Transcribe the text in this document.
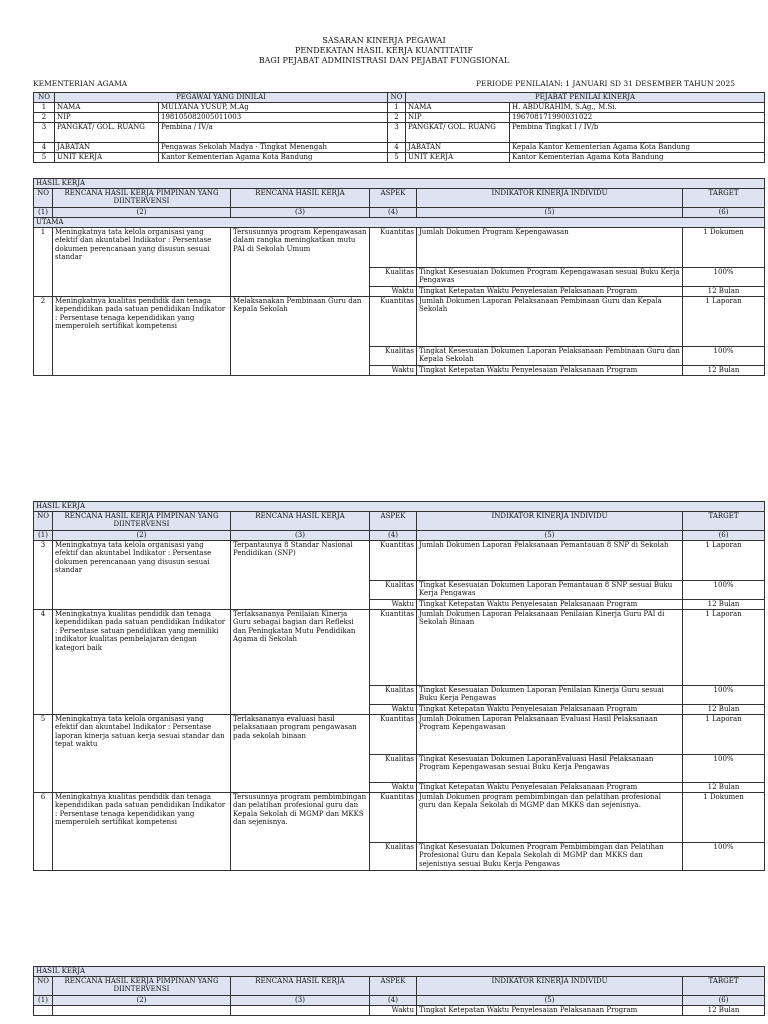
SASARAN KINERJA PEGAWAI
PENDEKATAN HASIL KERJA KUANTITATIF
BAGI PEJABAT ADMINISTRASI DAN PEJABAT FUNGSIONAL
KEMENTERIAN AGAMA	PERIODE PENILAIAN: 1 JANUARI SD 31 DESEMBER TAHUN 2025
NO	PEGAWAI YANG DINILAI		NO	PEJABAT PENILAI KINERJA	
1	NAMA	MULYANA YUSUP, M.Ag	1	NAMA	H. ABDURAHIM, S.Ag., M.Si.
2	NIP	198105082005011003	2	NIP	196708171990031022
3	PANGKAT/ GOL. RUANG	Pembina / IV/a	3	PANGKAT/ GOL. RUANG	Pembina Tingkat I / IV/b
4	JABATAN	Pengawas Sekolah Madya - Tingkat Menengah	4	JABATAN	Kepala Kantor Kementerian Agama Kota Bandung
5	UNIT KERJA	Kantor Kementerian Agama Kota Bandung	5	UNIT KERJA	Kantor Kementerian Agama Kota Bandung
HASIL KERJA					
NO	RENCANA HASIL KERJA PIMPINAN YANG DIINTERVENSI	RENCANA HASIL KERJA	ASPEK	INDIKATOR KINERJA INDIVIDU	TARGET
(1)	(2)	(3)	(4)	(5)	(6)
UTAMA					
1	Meningkatnya tata kelola organisasi yang efektif dan akuntabel Indikator : Persentase dokumen perencanaan yang disusun sesuai standar	Tersusunnya program Kepengawasan dalam rangka meningkatkan mutu PAI di Sekolah Umum	Kuantitas	Jumlah Dokumen Program Kepengawasan	1 Dokumen
			Kualitas	Tingkat Kesesuaian Dokumen Program Kepengawasan sesuai Buku Kerja Pengawas	100%
			Waktu	Tingkat Ketepatan Waktu Penyelesaian Pelaksanaan Program	12 Bulan
2	Meningkatnya kualitas pendidik dan tenaga kependidikan pada satuan pendidikan Indikator : Persentase tenaga kependidikan yang memperoleh sertifikat kompetensi	Melaksanakan Pembinaan Guru dan Kepala Sekolah	Kuantitas	Jumlah Dokumen Laporan Pelaksanaan Pembinaan Guru dan Kepala Sekolah	1 Laporan
			Kualitas	Tingkat Kesesuaian Dokumen Laporan Pelaksanaan Pembinaan Guru dan Kepala Sekolah	100%
			Waktu	Tingkat Ketepatan Waktu Penyelesaian Pelaksanaan Program	12 Bulan
HASIL KERJA					
NO	RENCANA HASIL KERJA PIMPINAN YANG DIINTERVENSI	RENCANA HASIL KERJA	ASPEK	INDIKATOR KINERJA INDIVIDU	TARGET
(1)	(2)	(3)	(4)	(5)	(6)
3	Meningkatnya tata kelola organisasi yang efektif dan akuntabel Indikator : Persentase dokumen perencanaan yang disusun sesuai standar	Terpantaunya 8 Standar Nasional Pendidikan (SNP)	Kuantitas	Jumlah Dokumen Laporan Pelaksanaan Pemantauan 8 SNP di Sekolah	1 Laporan
			Kualitas	Tingkat Kesesuaian Dokumen Laporan Pemantauan 8 SNP sesuai Buku Kerja Pengawas	100%
			Waktu	Tingkat Ketepatan Waktu Penyelesaian Pelaksanaan Program	12 Bulan
4	Meningkatnya kualitas pendidik dan tenaga kependidikan pada satuan pendidikan Indikator : Persentase satuan pendidikan yang memiliki indikator kualitas pembelajaran dengan kategori baik	Terlaksananya Penilaian Kinerja Guru sebagai bagian dari Refleksi dan Peningkatan Mutu Pendidikan Agama di Sekolah	Kuantitas	Jumlah Dokumen Laporan Pelaksanaan Penilaian Kinerja Guru PAI di Sekolah Binaan	1 Laporan
			Kualitas	Tingkat Kesesuaian Dokumen Laporan Penilaian Kinerja Guru sesuai Buku Kerja Pengawas	100%
			Waktu	Tingkat Ketepatan Waktu Penyelesaian Pelaksanaan Program	12 Bulan
5	Meningkatnya tata kelola organisasi yang efektif dan akuntabel Indikator : Persentase laporan kinerja satuan kerja sesuai standar dan tepat waktu	Terlaksananya evaluasi hasil pelaksanaan program pengawasan pada sekolah binaan	Kuantitas	Jumlah Dokumen Laporan Pelaksanaan Evaluasi Hasil Pelaksanaan Program Kepengawasan	1 Laporan
			Kualitas	Tingkat Kesesuaian Dokumen LaporanEvaluasi Hasil Pelaksanaan Program Kepengawasan sesuai Buku Kerja Pengawas	100%
			Waktu	Tingkat Ketepatan Waktu Penyelesaian Pelaksanaan Program	12 Bulan
6	Meningkatnya kualitas pendidik dan tenaga kependidikan pada satuan pendidikan Indikator : Persentase tenaga kependidikan yang memperoleh sertifikat kompetensi	Tersusunnya program pembimbingan dan pelatihan profesional guru dan Kepala Sekolah di MGMP dan MKKS dan sejenisnya.	Kuantitas	Jumlah Dokumen program pembimbingan dan pelatihan profesional guru dan Kepala Sekolah di MGMP dan MKKS dan sejenisnya.	1 Dokumen
			Kualitas	Tingkat Kesesuaian Dokumen Program Pembimbingan dan Pelatihan Profesional Guru dan Kepala Sekolah di MGMP dan MKKS dan sejenisnya sesuai Buku Kerja Pengawas	100%
HASIL KERJA					
NO	RENCANA HASIL KERJA PIMPINAN YANG DIINTERVENSI	RENCANA HASIL KERJA	ASPEK	INDIKATOR KINERJA INDIVIDU	TARGET
(1)	(2)	(3)	(4)	(5)	(6)
			Waktu	Tingkat Ketepatan Waktu Penyelesaian Pelaksanaan Program	12 Bulan
